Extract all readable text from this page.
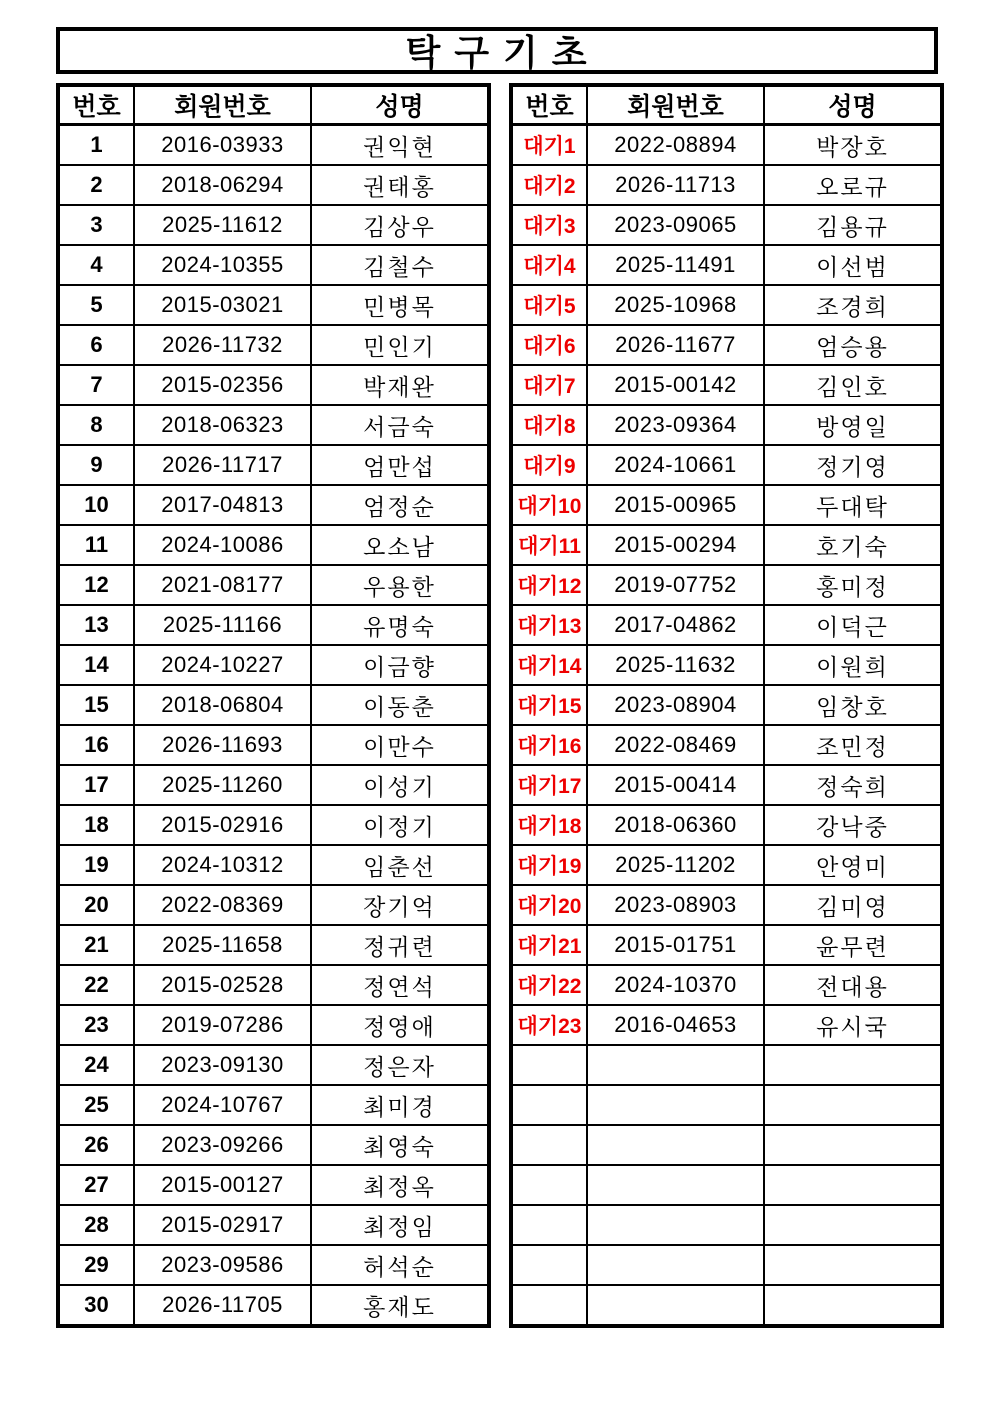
탁 구 기 초
번호	회원번호	성명
1	2016-03933	권익현
2	2018-06294	권태홍
3	2025-11612	김상우
4	2024-10355	김철수
5	2015-03021	민병목
6	2026-11732	민인기
7	2015-02356	박재완
8	2018-06323	서금숙
9	2026-11717	엄만섭
10	2017-04813	엄정순
11	2024-10086	오소남
12	2021-08177	우용한
13	2025-11166	유명숙
14	2024-10227	이금향
15	2018-06804	이동춘
16	2026-11693	이만수
17	2025-11260	이성기
18	2015-02916	이정기
19	2024-10312	임춘선
20	2022-08369	장기억
21	2025-11658	정귀련
22	2015-02528	정연석
23	2019-07286	정영애
24	2023-09130	정은자
25	2024-10767	최미경
26	2023-09266	최영숙
27	2015-00127	최정옥
28	2015-02917	최정임
29	2023-09586	허석순
30	2026-11705	홍재도
번호	회원번호	성명
대기1	2022-08894	박장호
대기2	2026-11713	오로규
대기3	2023-09065	김용규
대기4	2025-11491	이선범
대기5	2025-10968	조경희
대기6	2026-11677	엄승용
대기7	2015-00142	김인호
대기8	2023-09364	방영일
대기9	2024-10661	정기영
대기10	2015-00965	두대탁
대기11	2015-00294	호기숙
대기12	2019-07752	홍미정
대기13	2017-04862	이덕근
대기14	2025-11632	이원희
대기15	2023-08904	임창호
대기16	2022-08469	조민정
대기17	2015-00414	정숙희
대기18	2018-06360	강낙중
대기19	2025-11202	안영미
대기20	2023-08903	김미영
대기21	2015-01751	윤무련
대기22	2024-10370	전대용
대기23	2016-04653	유시국
